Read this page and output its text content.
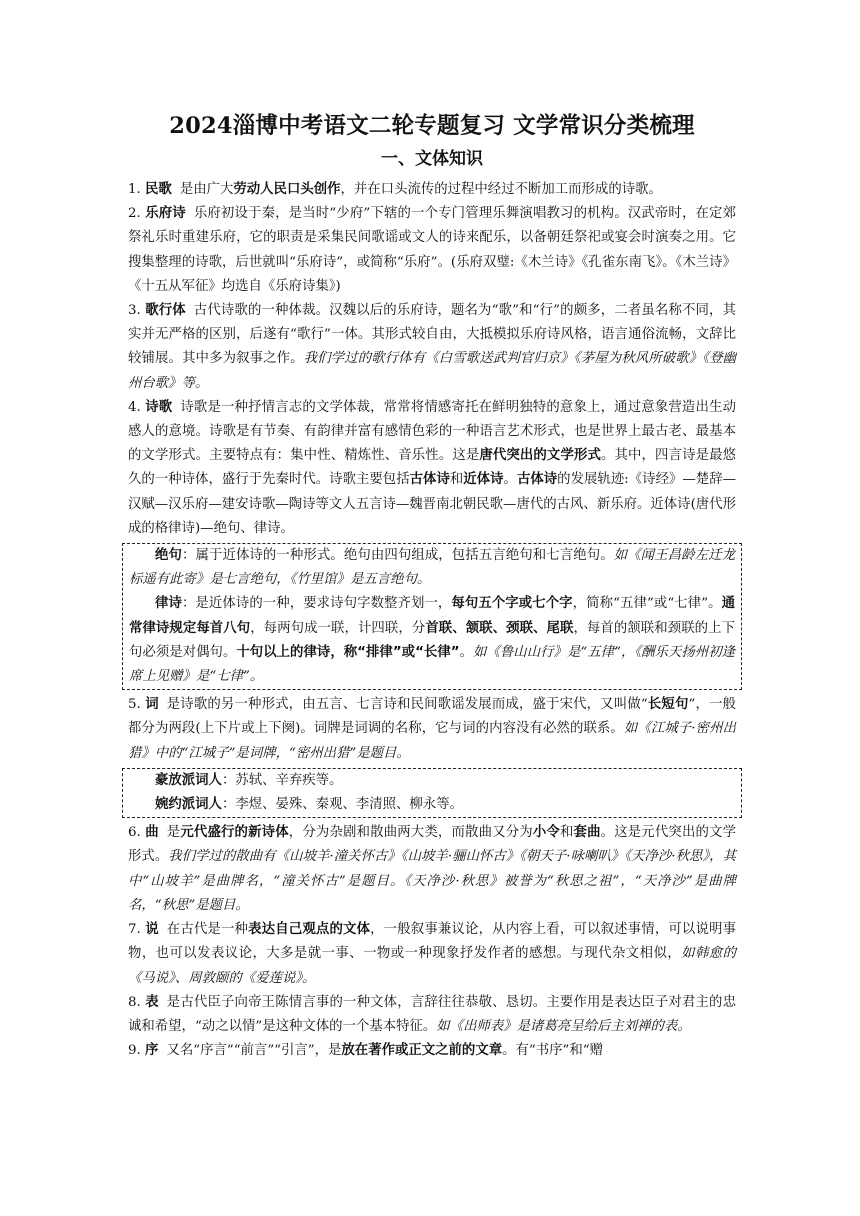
2024淄博中考语文二轮专题复习 文学常识分类梳理
一、文体知识

1. 民歌 是由广大劳动人民口头创作，并在口头流传的过程中经过不断加工而形成的诗歌。

2. 乐府诗 乐府初设于秦，是当时“少府”下辖的一个专门管理乐舞演唱教习的机构。汉武帝时，在定郊祭礼乐时重建乐府，它的职责是采集民间歌谣或文人的诗来配乐，以备朝廷祭祀或宴会时演奏之用。它搜集整理的诗歌，后世就叫“乐府诗”，或简称“乐府”。(乐府双璧:《木兰诗》《孔雀东南飞》。《木兰诗》《十五从军征》均选自《乐府诗集》)

3. 歌行体 古代诗歌的一种体裁。汉魏以后的乐府诗，题名为“歌”和“行”的颇多，二者虽名称不同，其实并无严格的区别，后遂有“歌行”一体。其形式较自由，大抵模拟乐府诗风格，语言通俗流畅，文辞比较铺展。其中多为叙事之作。我们学过的歌行体有《白雪歌送武判官归京》《茅屋为秋风所破歌》《登幽州台歌》等。

4. 诗歌 诗歌是一种抒情言志的文学体裁，常常将情感寄托在鲜明独特的意象上，通过意象营造出生动感人的意境。诗歌是有节奏、有韵律并富有感情色彩的一种语言艺术形式，也是世界上最古老、最基本的文学形式。主要特点有：集中性、精炼性、音乐性。这是唐代突出的文学形式。其中，四言诗是最悠久的一种诗体，盛行于先秦时代。诗歌主要包括古体诗和近体诗。古体诗的发展轨迹:《诗经》—楚辞—汉赋—汉乐府—建安诗歌—陶诗等文人五言诗—魏晋南北朝民歌—唐代的古风、新乐府。近体诗(唐代形成的格律诗)—绝句、律诗。

绝句：属于近体诗的一种形式。绝句由四句组成，包括五言绝句和七言绝句。如《闻王昌龄左迁龙标遥有此寄》是七言绝句，《竹里馆》是五言绝句。

律诗：是近体诗的一种，要求诗句字数整齐划一，每句五个字或七个字，简称“五律”或“七律”。通常律诗规定每首八句，每两句成一联，计四联，分首联、颔联、颈联、尾联，每首的颔联和颈联的上下句必须是对偶句。十句以上的律诗，称“排律”或“长律”。如《鲁山山行》是“五律”，《酬乐天扬州初逢席上见赠》是“七律”。

5. 词 是诗歌的另一种形式，由五言、七言诗和民间歌谣发展而成，盛于宋代，又叫做“长短句”，一般都分为两段(上下片或上下阕)。词牌是词调的名称，它与词的内容没有必然的联系。如《江城子·密州出猎》中的“江城子”是词牌，“密州出猎”是题目。

豪放派词人：苏轼、辛弃疾等。

婉约派词人：李煜、晏殊、秦观、李清照、柳永等。

6. 曲 是元代盛行的新诗体，分为杂剧和散曲两大类，而散曲又分为小令和套曲。这是元代突出的文学形式。我们学过的散曲有《山坡羊·潼关怀古》《山坡羊·骊山怀古》《朝天子·咏喇叭》《天净沙·秋思》，其中“山坡羊”是曲牌名，“潼关怀古”是题目。《天净沙·秋思》被誉为“秋思之祖”，“天净沙”是曲牌名，“秋思”是题目。

7. 说 在古代是一种表达自己观点的文体，一般叙事兼议论，从内容上看，可以叙述事情，可以说明事物，也可以发表议论，大多是就一事、一物或一种现象抒发作者的感想。与现代杂文相似，如韩愈的《马说》、周敦颐的《爱莲说》。

8. 表 是古代臣子向帝王陈情言事的一种文体，言辞往往恭敬、恳切。主要作用是表达臣子对君主的忠诚和希望，“动之以情”是这种文体的一个基本特征。如《出师表》是诸葛亮呈给后主刘禅的表。

9. 序 又名“序言”“前言”“引言”，是放在著作或正文之前的文章。有“书序”和“赠
